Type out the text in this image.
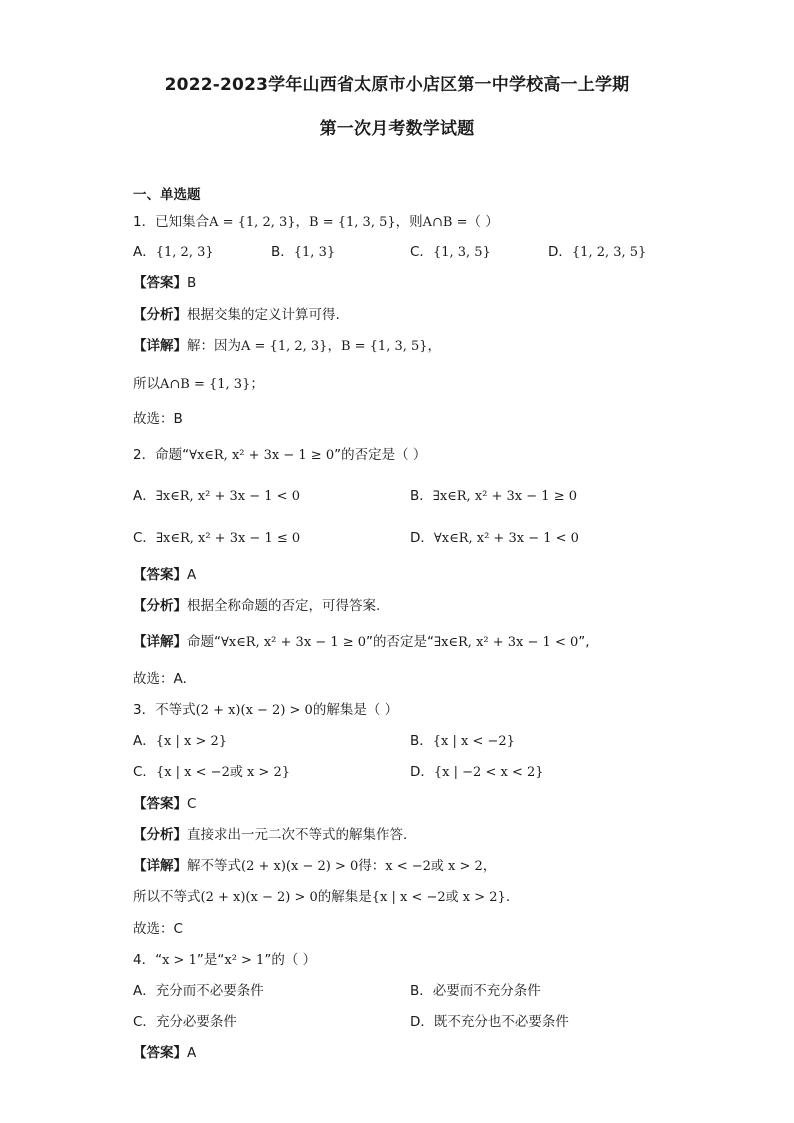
2022-2023学年山西省太原市小店区第一中学校高一上学期
第一次月考数学试题
一、单选题
1．已知集合A = {1, 2, 3}，B = {1, 3, 5}，则A∩B =（ ）
A．{1, 2, 3}	B．{1, 3}	C．{1, 3, 5}	D．{1, 2, 3, 5}
【答案】B
【分析】根据交集的定义计算可得.
【详解】解：因为A = {1, 2, 3}，B = {1, 3, 5}，
所以A∩B = {1, 3}；
故选：B
2．命题“∀x∈R, x² + 3x − 1 ≥ 0”的否定是（ ）
A．∃x∈R, x² + 3x − 1 < 0	B．∃x∈R, x² + 3x − 1 ≥ 0
C．∃x∈R, x² + 3x − 1 ≤ 0	D．∀x∈R, x² + 3x − 1 < 0
【答案】A
【分析】根据全称命题的否定，可得答案.
【详解】命题“∀x∈R, x² + 3x − 1 ≥ 0”的否定是“∃x∈R, x² + 3x − 1 < 0”,
故选：A.
3．不等式(2 + x)(x − 2) > 0的解集是（ ）
A．{x | x > 2}	B．{x | x < −2}
C．{x | x < −2或 x > 2}	D．{x | −2 < x < 2}
【答案】C
【分析】直接求出一元二次不等式的解集作答.
【详解】解不等式(2 + x)(x − 2) > 0得：x < −2或 x > 2，
所以不等式(2 + x)(x − 2) > 0的解集是{x | x < −2或 x > 2}.
故选：C
4．“x > 1”是“x² > 1”的（ ）
A．充分而不必要条件	B．必要而不充分条件
C．充分必要条件	D．既不充分也不必要条件
【答案】A
